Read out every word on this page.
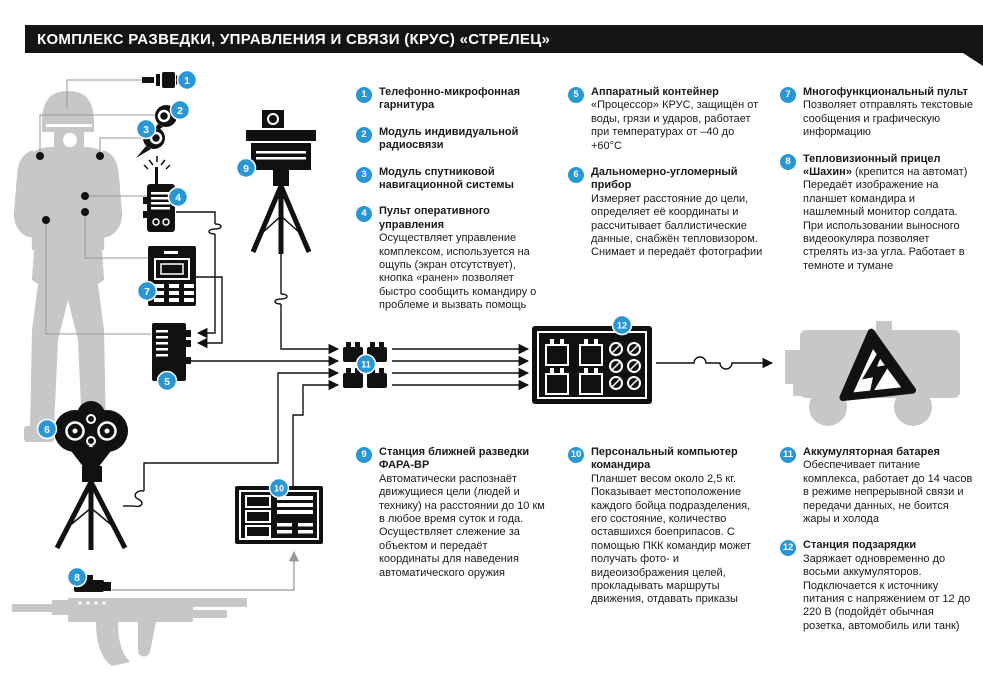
КОМПЛЕКС РАЗВЕДКИ, УПРАВЛЕНИЯ И СВЯЗИ (КРУС) «СТРЕЛЕЦ»
1
2
3
4
5
6
7
8
9
10
11
12
1	Телефонно-микрофонная гарнитура
2	Модуль индивидуальной радиосвязи
3	Модуль спутниковой навигационной системы
4	Пульт оперативного управления
Осуществляет управление комплексом, используется на ощупь (экран отсутствует), кнопка «ранен» позволяет быстро сообщить командиру о проблеме и вызвать помощь
5	Аппаратный контейнер
«Процессор» КРУС, защищён от воды, грязи и ударов, работает при температурах от –40 до +60°С
6	Дальномерно-угломерный прибор
Измеряет расстояние до цели, определяет её координаты и рассчитывает баллистические данные, снабжён тепловизором. Снимает и передаёт фотографии
7	Многофункциональный пульт
Позволяет отправлять текстовые сообщения и графическую информацию
8	Тепловизионный прицел «Шахин» (крепится на автомат)
Передаёт изображение на планшет командира и нашлемный монитор солдата. При использовании выносного видеоокуляра позволяет стрелять из-за угла. Работает в темноте и тумане
9	Станция ближней разведки ФАРА-ВР
Автоматически распознаёт движущиеся цели (людей и технику) на расстоянии до 10 км в любое время суток и года. Осуществляет слежение за объектом и передаёт координаты для наведения автоматического оружия
10 Персональный компьютер командира
Планшет весом около 2,5 кг. Показывает местоположение каждого бойца подразделения, его состояние, количество оставшихся боеприпасов. С помощью ПКК командир может получать фото- и видеоизображения целей, прокладывать маршруты движения, отдавать приказы
11 Аккумуляторная батарея
Обеспечивает питание комплекса, работает до 14 часов в режиме непрерывной связи и передачи данных, не боится жары и холода
12 Станция подзарядки
Заряжает одновременно до восьми аккумуляторов. Подключается к источнику питания с напряжением от 12 до 220 В (подойдёт обычная розетка, автомобиль или танк)
